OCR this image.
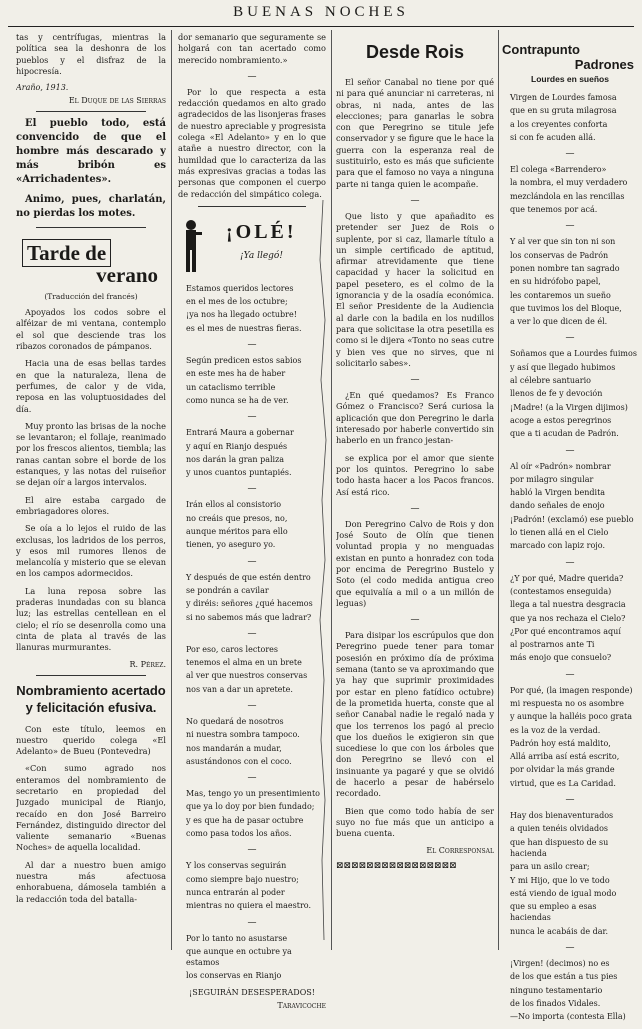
BUENAS NOCHES

tas y centrífugas, mientras la política sea la deshonra de los pueblos y el disfraz de la hipocresía.

Araño, 1913.
El Duque de las Sierras

El pueblo todo, está convencido de que el hombre más descarado y más bribón es «Arrichadentes».

Animo, pues, charlatán, no pierdas los motes.

Tarde de
verano
(Traducción del francés)

Apoyados los codos sobre el alféizar de mi ventana, contemplo el sol que desciende tras los ribazos coronados de pámpanos.

Hacia una de esas bellas tardes en que la naturaleza, llena de perfumes, de calor y de vida, reposa en las voluptuosidades del día.

Muy pronto las brisas de la noche se levantaron; el follaje, reanimado por los frescos alientos, tiembla; las ranas cantan sobre el borde de los estanques, y las notas del ruiseñor se dejan oír a largos intervalos.

El aire estaba cargado de embriagadores olores.

Se oía a lo lejos el ruido de las exclusas, los ladridos de los perros, y esos mil rumores llenos de melancolía y misterio que se elevan en los campos adormecidos.

La luna reposa sobre las praderas inundadas con su blanca luz; las estrellas centellean en el cielo; el río se desenrolla como una cinta de plata al través de las llanuras murmurantes.

R. Pérez.
Nombramiento acertado y felicitación efusiva.

Con este título, leemos en nuestro querido colega «El Adelanto» de Bueu (Pontevedra)

«Con sumo agrado nos enteramos del nombramiento de secretario en propiedad del Juzgado municipal de Rianjo, recaído en don José Barreiro Fernández, distinguido director del valiente semanario «Buenas Noches» de aquella localidad.

Al dar a nuestro buen amigo nuestra más afectuosa enhorabuena, dámosela también a la redacción toda del batalla-

dor semanario que seguramente se holgará con tan acertado como merecido nombramiento.»

—

Por lo que respecta a esta redacción quedamos en alto grado agradecidos de las lisonjeras frases de nuestro apreciable y progresista colega «El Adelanto» y en lo que atañe a nuestro director, con la humildad que lo caracteriza da las más expresivas gracias a todas las personas que componen el cuerpo de redacción del simpático colega.

¡OLÉ!
¡Ya llegó!
Estamos queridos lectores
en el mes de los octubre;
¡ya nos ha llegado octubre!
es el mes de nuestras fieras.
—
Según predicen estos sabios
en este mes ha de haber
un cataclismo terrible
como nunca se ha de ver.
—
Entrará Maura a gobernar
y aquí en Rianjo después
nos darán la gran paliza
y unos cuantos puntapiés.
—
Irán ellos al consistorio
no creáis que presos, no,
aunque méritos para ello
tienen, yo aseguro yo.
—
Y después de que estén dentro
se pondrán a cavilar
y diréis: señores ¿qué hacemos
si no sabemos más que ladrar?
—
Por eso, caros lectores
tenemos el alma en un brete
al ver que nuestros conservas
nos van a dar un apretete.
—
No quedará de nosotros
ni nuestra sombra tampoco.
nos mandarán a mudar,
asustándonos con el coco.
—
Mas, tengo yo un presentimiento
que ya lo doy por bien fundado;
y es que ha de pasar octubre
como pasa todos los años.
—
Y los conservas seguirán
como siempre bajo nuestro;
nunca entrarán al poder
mientras no quiera el maestro.
—
Por lo tanto no asustarse
que aunque en octubre ya estamos
los conservas en Rianjo
¡SEGUIRÁN DESESPERADOS!
Taravicoche
Desde Rois

El señor Canabal no tiene por qué ni para qué anunciar ni carreteras, ni obras, ni nada, antes de las elecciones; para ganarlas le sobra con que Peregrino se titule jefe conservador y se figure que le hace la guerra con la esperanza real de sustituirlo, esto es más que suficiente para que el famoso no vaya a ninguna parte ni tanga quien le acompañe.

—

Que listo y que apañadito es pretender ser Juez de Rois o suplente, por si caz, llamarle título a un simple certificado de aptitud, afirmar atrevidamente que tiene capacidad y hacer la solicitud en papel pesetero, es el colmo de la ignorancia y de la osadía económica. El señor Presidente de la Audiencia al darle con la badila en los nudillos para que solicitase la otra pesetilla es como si le dijera «Tonto no seas cutre y bien ves que no sirves, que ni solicitarlo sabes».

—

¿En qué quedamos? Es Franco Gómez o Francisco? Será curiosa la aplicación que don Peregrino le darla interesado por haberle convertido sin haberlo en un franco jestan-

se explica por el amor que siente por los quintos. Peregrino lo sabe todo hasta hacer a los Pacos francos. Así está rico.

—

Don Peregrino Calvo de Rois y don José Souto de Olín que tienen voluntad propia y no menguadas existan en punto a honradez con toda por encima de Peregrino Bustelo y Soto (el codo medida antigua creo que equivalía a mil o a un millón de leguas)

—

Para disipar los escrúpulos que don Peregrino puede tener para tomar posesión en próximo día de próxima semana (tanto se va aproximando que ya hay que suprimir proximidades por estar en pleno fatídico octubre) de la prometida huerta, conste que al señor Canabal nadie le regaló nada y que los terrenos los pagó al precio que los dueños le exigieron sin que sucediese lo que con los árboles que don Peregrino se llevó con el insinuante ya pagaré y que se olvidó de hacerlo a pesar de habérselo recordado.

Bien que como todo había de ser suyo no fue más que un anticipo a buena cuenta.

El Corresponsal
⊠⊠⊠⊠⊠⊠⊠⊠⊠⊠⊠⊠⊠⊠⊠⊠
Contrapunto
Padrones
Lourdes en sueños
Virgen de Lourdes famosa
que en su gruta milagrosa
a los creyentes conforta
si con fe acuden allá.
—
El colega «Barrendero»
la nombra, el muy verdadero
mezclándola en las rencillas
que tenemos por acá.
—
Y al ver que sin ton ni son
los conservas de Padrón
ponen nombre tan sagrado
en su hidrófobo papel,
les contaremos un sueño
que tuvimos los del Bloque,
a ver lo que dicen de él.
—
Soñamos que a Lourdes fuimos
y así que llegado hubimos
al célebre santuario
llenos de fe y devoción
¡Madre! (a la Virgen dijimos)
acoge a estos peregrinos
que a ti acudan de Padrón.
—
Al oír «Padrón» nombrar
por milagro singular
habló la Virgen bendita
dando señales de enojo
¡Padrón! (exclamó) ese pueblo
lo tienen allá en el Cielo
marcado con lapiz rojo.
—
¿Y por qué, Madre querida?
(contestamos enseguida)
llega a tal nuestra desgracia
que ya nos rechaza el Cielo?
¿Por qué encontramos aquí
al postrarnos ante Ti
más enojo que consuelo?
—
Por qué, (la imagen responde)
mi respuesta no os asombre
y aunque la halléis poco grata
es la voz de la verdad.
Padrón hoy está maldito,
Allá arriba así está escrito,
por olvidar la más grande
virtud, que es La Caridad.
—
Hay dos bienaventurados
a quien tenéis olvidados
que han dispuesto de su hacienda
para un asilo crear;
Y mi Hijo, que lo ve todo
está viendo de igual modo
que su empleo a esas haciendas
nunca le acabáis de dar.
—
¡Virgen! (decimos) no es
de los que están a tus pies
ninguno testamentario
de los finados Vidales.
—No importa (contesta Ella)
